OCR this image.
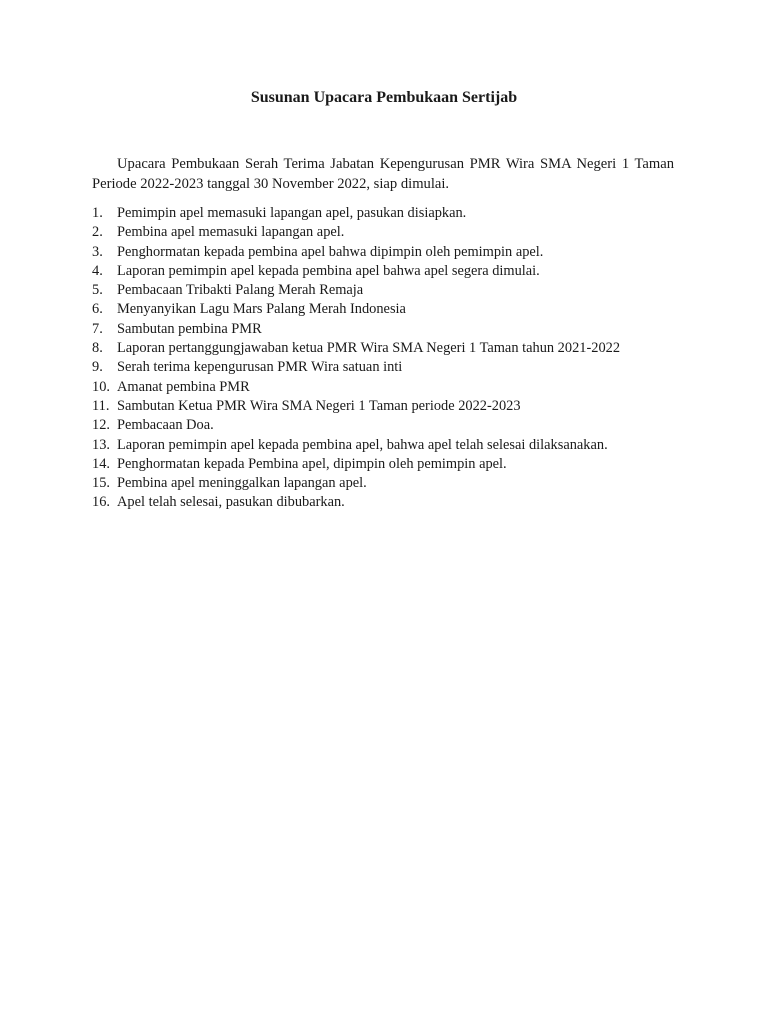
Susunan Upacara Pembukaan Sertijab

Upacara Pembukaan Serah Terima Jabatan Kepengurusan PMR Wira SMA Negeri 1 Taman Periode 2022-2023 tanggal 30 November 2022, siap dimulai.

1. Pemimpin apel memasuki lapangan apel, pasukan disiapkan.
2. Pembina apel memasuki lapangan apel.
3. Penghormatan kepada pembina apel bahwa dipimpin oleh pemimpin apel.
4. Laporan pemimpin apel kepada pembina apel bahwa apel segera dimulai.
5. Pembacaan Tribakti Palang Merah Remaja
6. Menyanyikan Lagu Mars Palang Merah Indonesia
7. Sambutan pembina PMR
8. Laporan pertanggungjawaban ketua PMR Wira SMA Negeri 1 Taman tahun 2021-2022
9. Serah terima kepengurusan PMR Wira satuan inti
10. Amanat pembina PMR
11. Sambutan Ketua PMR Wira SMA Negeri 1 Taman periode 2022-2023
12. Pembacaan Doa.
13. Laporan pemimpin apel kepada pembina apel, bahwa apel telah selesai dilaksanakan.
14. Penghormatan kepada Pembina apel, dipimpin oleh pemimpin apel.
15. Pembina apel meninggalkan lapangan apel.
16. Apel telah selesai, pasukan dibubarkan.
